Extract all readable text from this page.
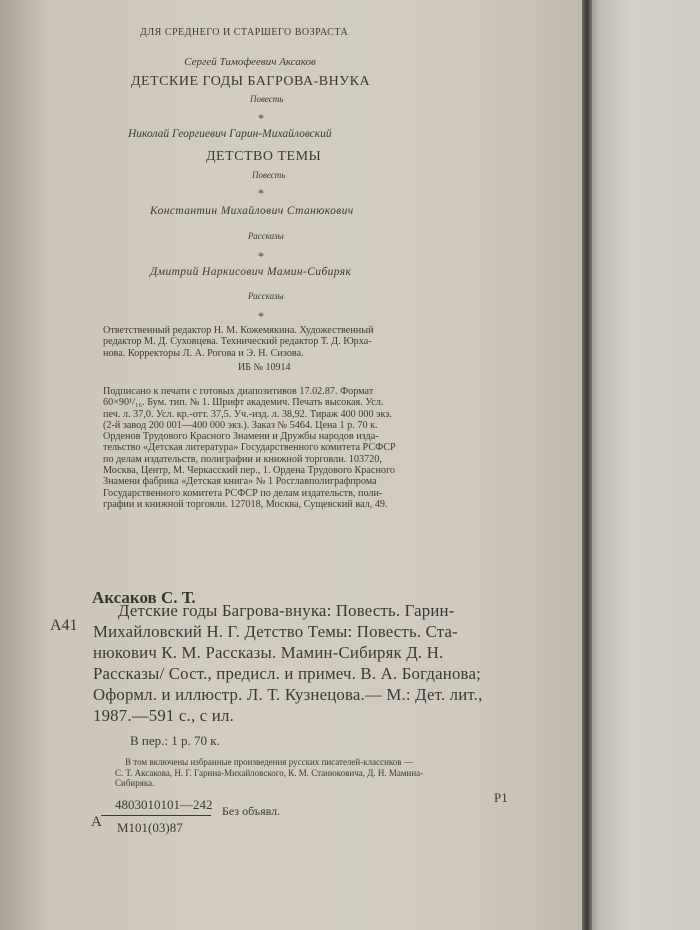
ДЛЯ СРЕДНЕГО И СТАРШЕГО ВОЗРАСТА
Сергей Тимофеевич Аксаков
ДЕТСКИЕ ГОДЫ БАГРОВА-ВНУКА
Повесть
*
Николай Георгиевич Гарин-Михайловский
ДЕТСТВО ТЕМЫ
Повесть
*
Константин Михайлович Станюкович
Рассказы
*
Дмитрий Наркисович Мамин-Сибиряк
Рассказы
*
Ответственный редактор Н. М. Кожемякина. Художественный
редактор М. Д. Суховцева. Технический редактор Т. Д. Юрха-
нова. Корректоры Л. А. Рогова и Э. Н. Сизова.
ИБ № 10914
Подписано к печати с готовых диапозитивов 17.02.87. Формат
60×90¹/₁₆. Бум. тип. № 1. Шрифт академич. Печать высокая. Усл.
печ. л. 37,0. Усл. кр.-отт. 37,5. Уч.-изд. л. 38,92. Тираж 400 000 экз.
(2-й завод 200 001—400 000 экз.). Заказ № 5464. Цена 1 р. 70 к.
Орденов Трудового Красного Знамени и Дружбы народов изда-
тельство «Детская литература» Государственного комитета РСФСР
по делам издательств, полиграфии и книжной торговли. 103720,
Москва, Центр, М. Черкасский пер., 1. Ордена Трудового Красного
Знамени фабрика «Детская книга» № 1 Росглавполиграфпрома
Государственного комитета РСФСР по делам издательств, поли-
графии и книжной торговли. 127018, Москва, Сущевский вал, 49.
Аксаков С. Т.
А41
Детские годы Багрова-внука: Повесть. Гарин-
Михайловский Н. Г. Детство Темы: Повесть. Ста-
нюкович К. М. Рассказы. Мамин-Сибиряк Д. Н.
Рассказы/ Сост., предисл. и примеч. В. А. Богданова;
Оформл. и иллюстр. Л. Т. Кузнецова.— М.: Дет. лит.,
1987.—591 с., с ил.
В пер.: 1 р. 70 к.
В том включены избранные произведения русских писателей-классиков —
С. Т. Аксакова, Н. Г. Гарина-Михайловского, К. М. Станюковича, Д. Н. Мамина-
Сибиряка.
А
4803010101—242
М101(03)87
Без объявл.
Р1
